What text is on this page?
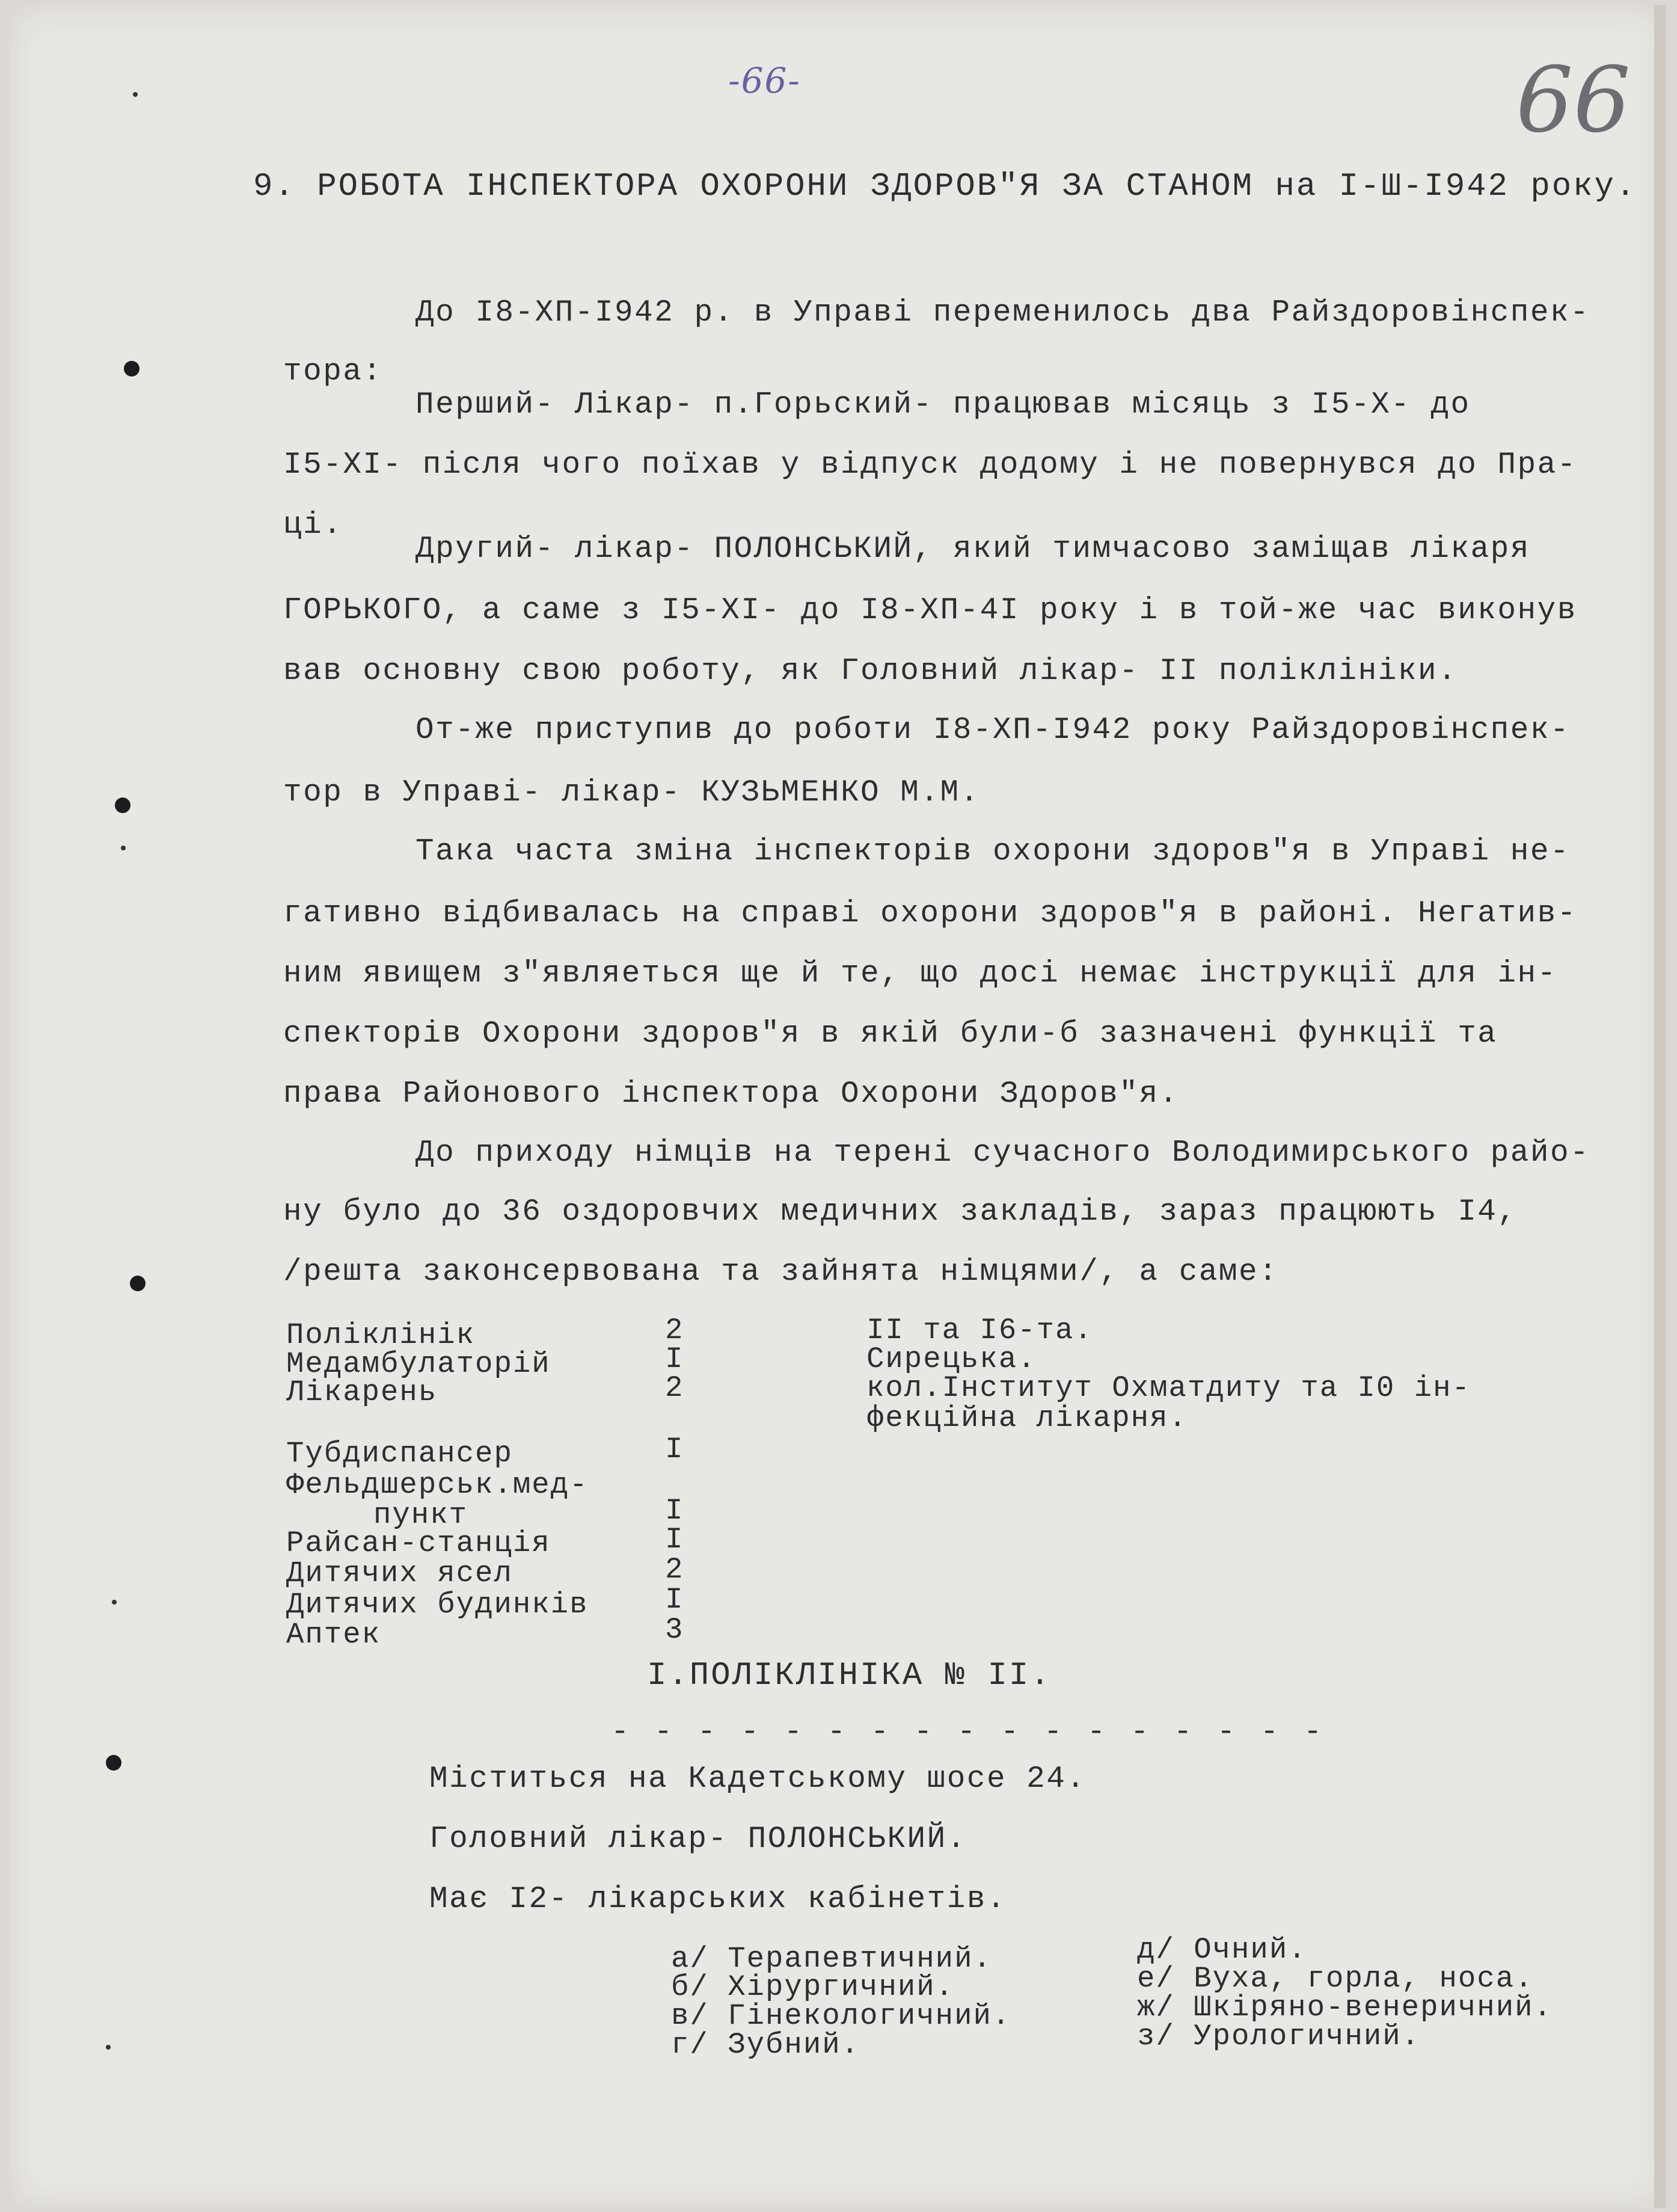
-66-	66
9. РОБОТА ІНСПЕКТОРА ОХОРОНИ ЗДОРОВ"Я ЗА СТАНОМ на І-Ш-І942 року.
До І8-ХП-І942 р. в Управі переменилось два Райздоровінспек-
тора:
Перший- Лікар- п.Горьский- працював місяць з І5-Х- до
І5-ХІ- після чого поїхав у відпуск додому і не повернувся до Пра-
ці.
Другий- лікар- ПОЛОНСЬКИЙ, який тимчасово заміщав лікаря
ГОРЬКОГО, а саме з І5-ХІ- до І8-ХП-4І року і в той-же час виконув
вав основну свою роботу, як Головний лікар- ІІ поліклініки.
От-же приступив до роботи І8-ХП-І942 року Райздоровінспек-
тор в Управі- лікар- КУЗЬМЕНКО М.М.
Така часта зміна інспекторів охорони здоров"я в Управі не-
гативно відбивалась на справі охорони здоров"я в районі. Негатив-
ним явищем з"являеться ще й те, що досі немає інструкції для ін-
спекторів Охорони здоров"я в якій були-б зазначені функції та
права Районового інспектора Охорони Здоров"я.
До приходу німців на терені сучасного Володимирського райо-
ну було до 36 оздоровчих медичних закладів, зараз працюють І4,
/решта законсервована та зайнята німцями/, а саме:
Поліклінік	2	ІІ та І6-та.
Медамбулаторій	І	Сирецька.
Лікарень	2	кол.Інститут Охматдиту та І0 ін-
фекційна лікарня.
Тубдиспансер	І
Фельдшерськ.мед-
пункт	І
Райсан-станція	І
Дитячих ясел	2
Дитячих будинків	І
Аптек	3
І.ПОЛІКЛІНІКА № ІІ.
- - - - - - - - - - - - - - - - -
Міститься на Кадетському шосе 24.
Головний лікар- ПОЛОНСЬКИЙ.
Має І2- лікарських кабінетів.
а/ Терапевтичний.
б/ Хірургичний.
в/ Гінекологичний.
г/ Зубний.
д/ Очний.
е/ Вуха, горла, носа.
ж/ Шкіряно-венеричний.
з/ Урологичний.
